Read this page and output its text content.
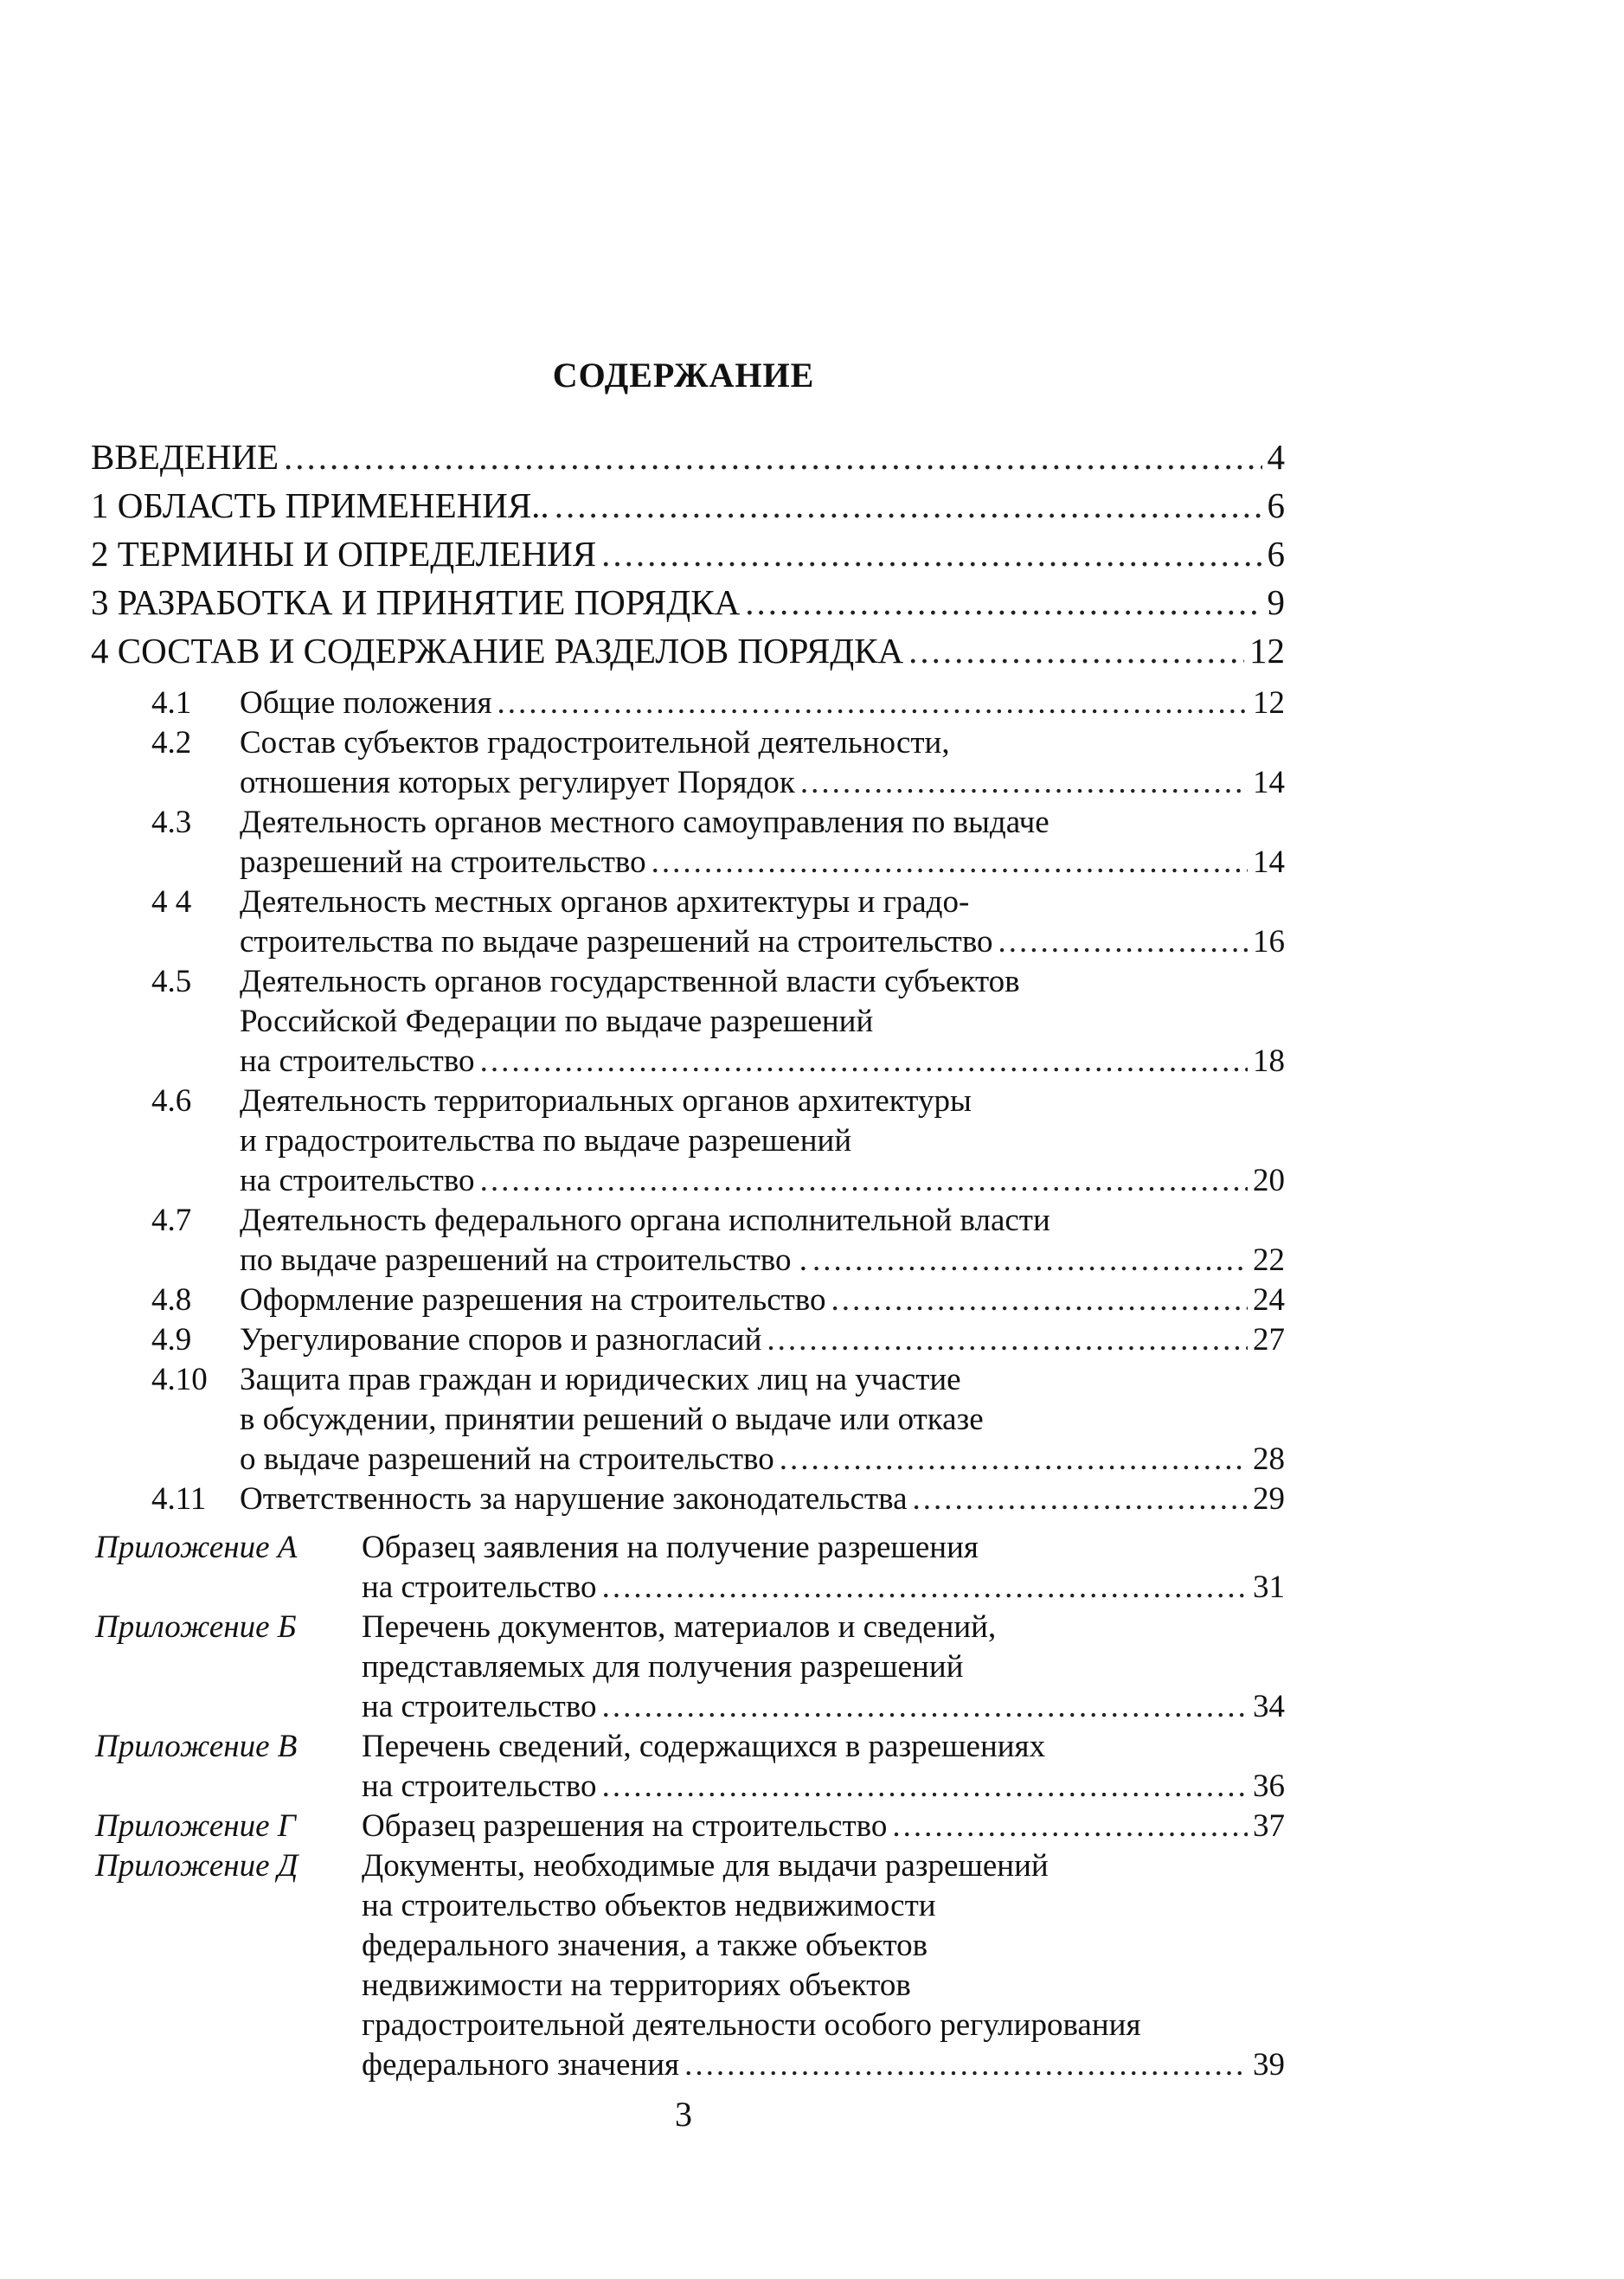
СОДЕРЖАНИЕ
ВВЕДЕНИЕ .....	4
1 ОБЛАСТЬ ПРИМЕНЕНИЯ.. .....	6
2 ТЕРМИНЫ И ОПРЕДЕЛЕНИЯ .....	6
3 РАЗРАБОТКА И ПРИНЯТИЕ ПОРЯДКА .....	9
4 СОСТАВ И СОДЕРЖАНИЕ РАЗДЕЛОВ ПОРЯДКА .....	12
4.1	Общие положения .....	12
4.2	Состав субъектов градостроительной деятельности,
отношения которых регулирует Порядок .....	14
4.3	Деятельность органов местного самоуправления по выдаче
разрешений на строительство .....	14
4 4	Деятельность местных органов архитектуры и градо-
строительства по выдаче разрешений на строительство .....	16
4.5	Деятельность органов государственной власти субъектов
Российской Федерации по выдаче разрешений
на строительство .....	18
4.6	Деятельность территориальных органов архитектуры
и градостроительства по выдаче разрешений
на строительство .....	20
4.7	Деятельность федерального органа исполнительной власти
по выдаче разрешений на строительство . .....	22
4.8	Оформление разрешения на строительство .....	24
4.9	Урегулирование споров и разногласий .....	27
4.10	Защита прав граждан и юридических лиц на участие
в обсуждении, принятии решений о выдаче или отказе
о выдаче разрешений на строительство .....	28
4.11	Ответственность за нарушение законодательства .....	29
Приложение А Образец заявления на получение разрешения
на строительство .....	31
Приложение Б Перечень документов, материалов и сведений,
представляемых для получения разрешений
на строительство .....	34
Приложение В Перечень сведений, содержащихся в разрешениях
на строительство .....	36
Приложение Г Образец разрешения на строительство .....	37
Приложение Д Документы, необходимые для выдачи разрешений
на строительство объектов недвижимости
федерального значения, а также объектов
недвижимости на территориях объектов
градостроительной деятельности особого регулирования
федерального значения .....	39
3
